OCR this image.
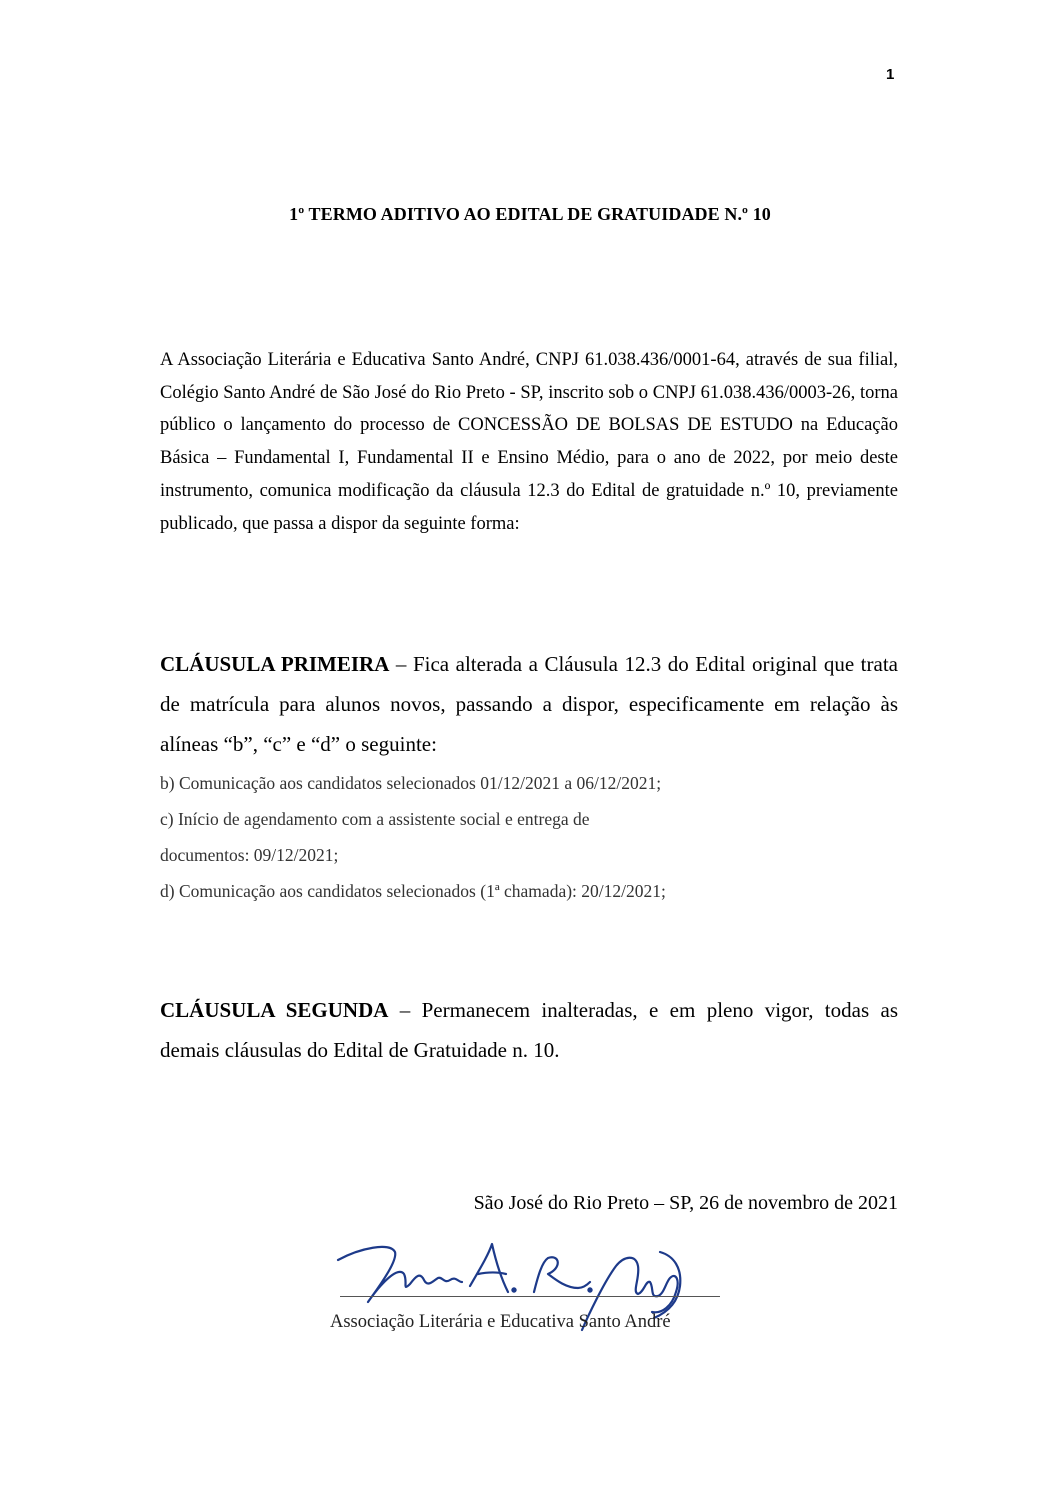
1
1º TERMO ADITIVO AO EDITAL DE GRATUIDADE N.º 10
A Associação Literária e Educativa Santo André, CNPJ 61.038.436/0001-64, através de sua filial, Colégio Santo André de São José do Rio Preto - SP, inscrito sob o CNPJ 61.038.436/0003-26, torna público o lançamento do processo de CONCESSÃO DE BOLSAS DE ESTUDO na Educação Básica – Fundamental I, Fundamental II e Ensino Médio, para o ano de 2022, por meio deste instrumento, comunica modificação da cláusula 12.3 do Edital de gratuidade n.º 10, previamente publicado, que passa a dispor da seguinte forma:
CLÁUSULA PRIMEIRA – Fica alterada a Cláusula 12.3 do Edital original que trata de matrícula para alunos novos, passando a dispor, especificamente em relação às alíneas “b”, “c” e “d” o seguinte:
b) Comunicação aos candidatos selecionados 01/12/2021 a 06/12/2021;
c) Início de agendamento com a assistente social e entrega de
documentos: 09/12/2021;
d) Comunicação aos candidatos selecionados (1ª chamada): 20/12/2021;
CLÁUSULA SEGUNDA – Permanecem inalteradas, e em pleno vigor, todas as demais cláusulas do Edital de Gratuidade n. 10.
São José do Rio Preto – SP, 26 de novembro de 2021
Associação Literária e Educativa Santo André
